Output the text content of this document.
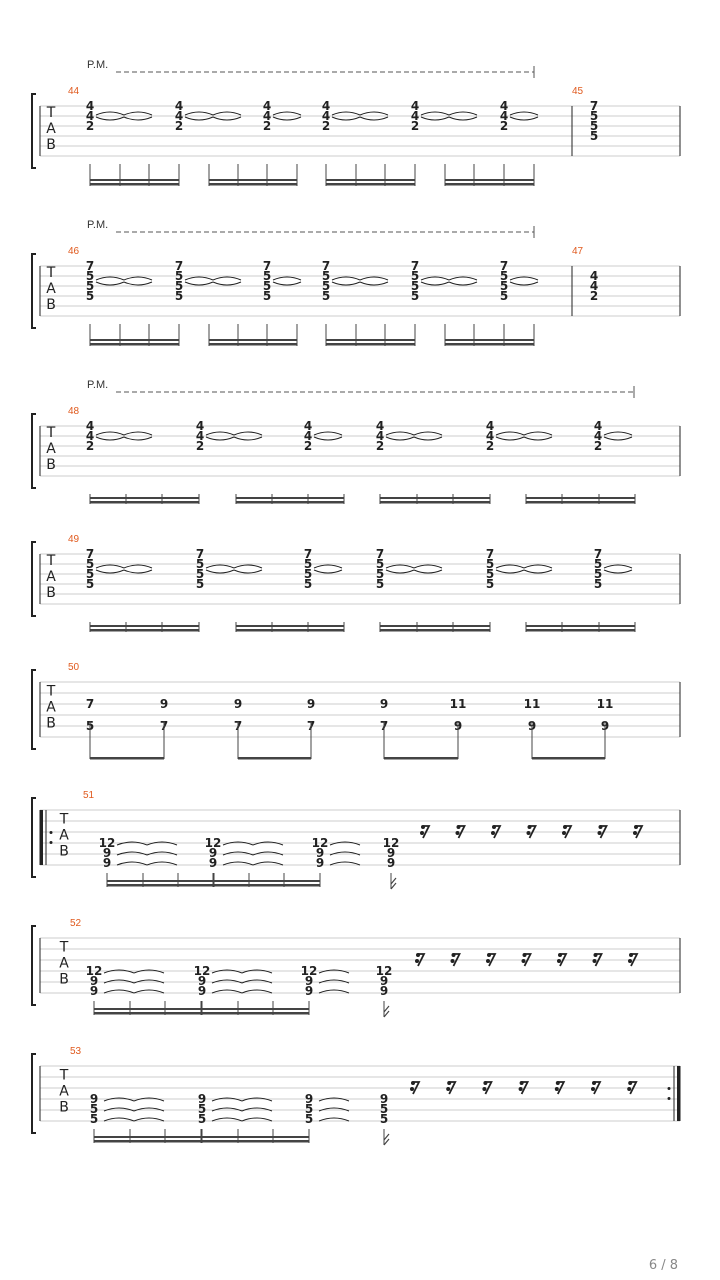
T
A
B
P.M.
44
4
4
2
4
4
2
4
4
2
4
4
2
4
4
2
4
4
2
45
7
5
5
5
T
A
B
P.M.
46
7
5
5
5
7
5
5
5
7
5
5
5
7
5
5
5
7
5
5
5
7
5
5
5
47
4
4
2
T
A
B
P.M.
48
4
4
2
4
4
2
4
4
2
4
4
2
4
4
2
4
4
2
T
A
B
49
7
5
5
5
7
5
5
5
7
5
5
5
7
5
5
5
7
5
5
5
7
5
5
5
T
A
B
50
7
5
9
7
9
7
9
7
9
7
11
9
11
9
11
9
T
A
B
51
12
9
9
12
9
9
12
9
9
12
9
9
T
A
B
52
12
9
9
12
9
9
12
9
9
12
9
9
T
A
B
53
9
5
5
9
5
5
9
5
5
9
5
5
6 / 8
